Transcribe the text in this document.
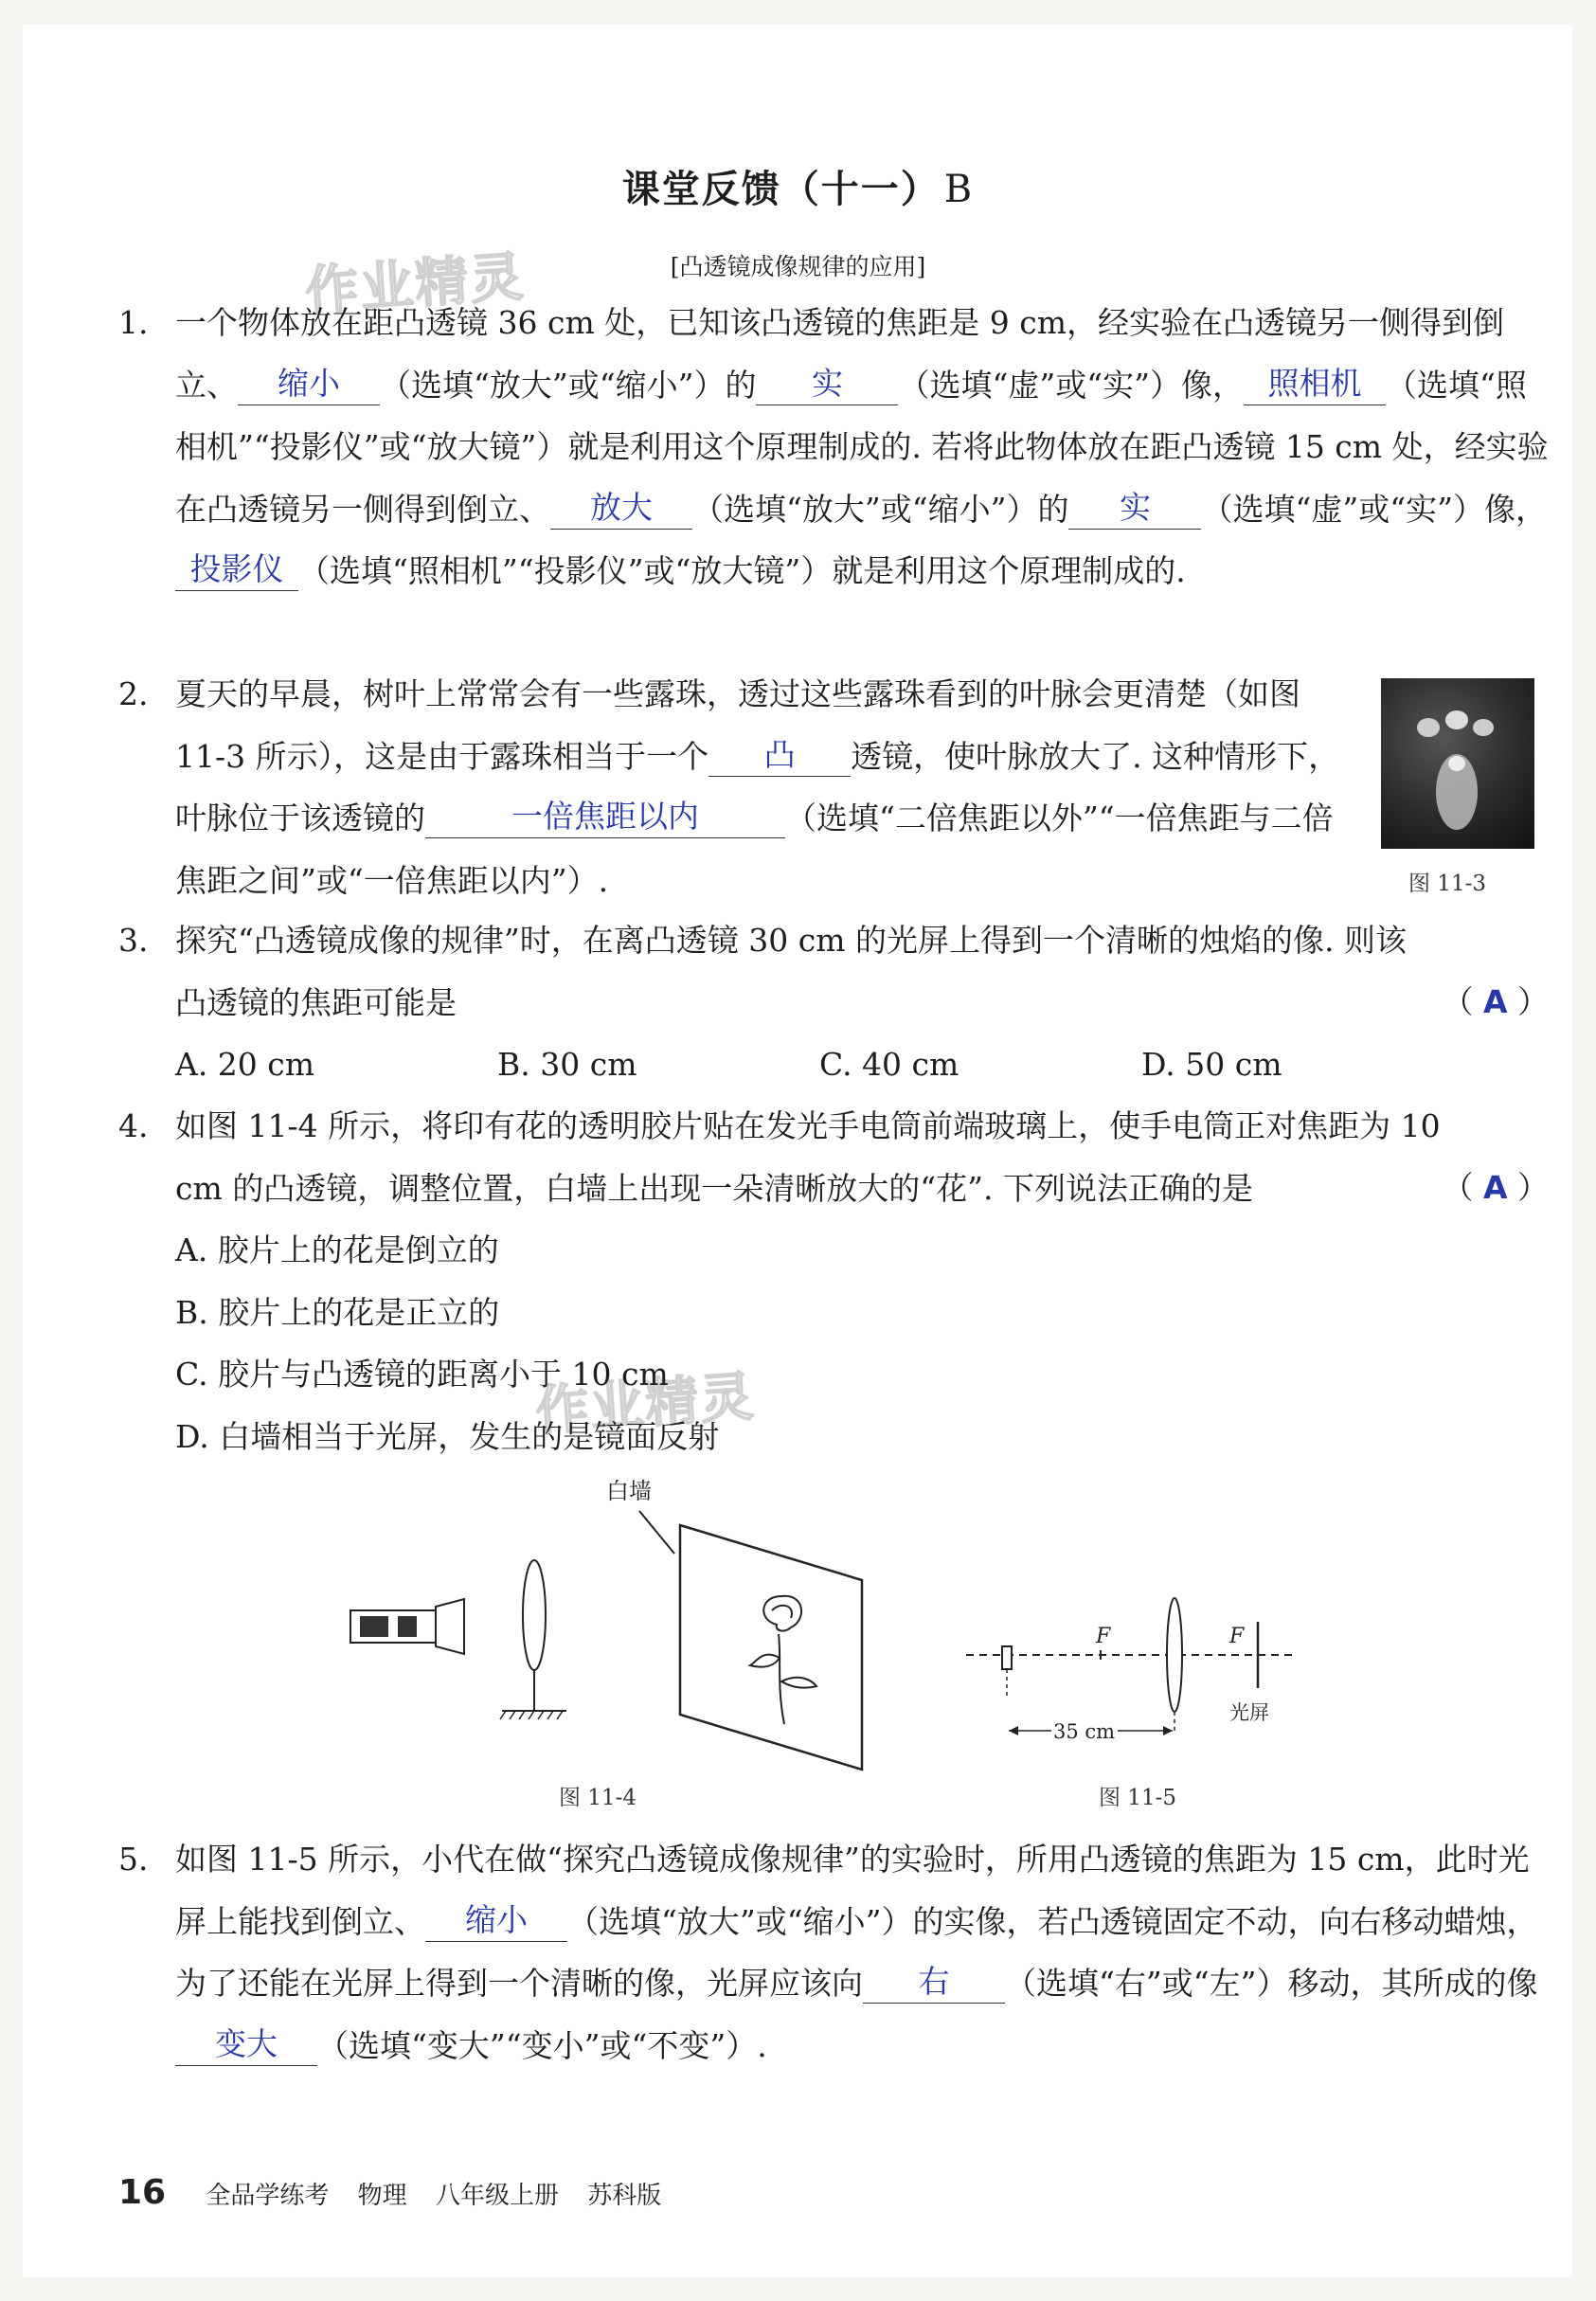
课堂反馈（十一） B
[凸透镜成像规律的应用]
作业精灵
作业精灵
1. 一个物体放在距凸透镜 36 cm 处，已知该凸透镜的焦距是 9 cm，经实验在凸透镜另一侧得到倒立、 缩小 （选填“放大”或“缩小”）的 实 （选填“虚”或“实”）像， 照相机 （选填“照相机”“投影仪”或“放大镜”）就是利用这个原理制成的. 若将此物体放在距凸透镜 15 cm 处，经实验在凸透镜另一侧得到倒立、 放大 （选填“放大”或“缩小”）的 实 （选填“虚”或“实”）像，投影仪 （选填“照相机”“投影仪”或“放大镜”）就是利用这个原理制成的.
2. 夏天的早晨，树叶上常常会有一些露珠，透过这些露珠看到的叶脉会更清楚（如图 11-3 所示），这是由于露珠相当于一个 凸 透镜，使叶脉放大了. 这种情形下，叶脉位于该透镜的	一倍焦距以内	（选填“二倍焦距以外”“一倍焦距与二倍焦距之间”或“一倍焦距以内”）.	图 11-3
3. 探究“凸透镜成像的规律”时，在离凸透镜 30 cm 的光屏上得到一个清晰的烛焰的像. 则该凸透镜的焦距可能是	（ A ）
A. 20 cm	B. 30 cm	C. 40 cm	D. 50 cm
4. 如图 11-4 所示，将印有花的透明胶片贴在发光手电筒前端玻璃上，使手电筒正对焦距为 10 cm 的凸透镜，调整位置，白墙上出现一朵清晰放大的“花”. 下列说法正确的是	（ A ）
A. 胶片上的花是倒立的
B. 胶片上的花是正立的
C. 胶片与凸透镜的距离小于 10 cm
D. 白墙相当于光屏，发生的是镜面反射
白墙
图 11-4
F	F
光屏
35 cm
图 11-5
5. 如图 11-5 所示，小代在做“探究凸透镜成像规律”的实验时，所用凸透镜的焦距为 15 cm，此时光屏上能找到倒立、 缩小 （选填“放大”或“缩小”）的实像，若凸透镜固定不动，向右移动蜡烛，为了还能在光屏上得到一个清晰的像，光屏应该向 右 （选填“右”或“左”）移动，其所成的像变大 （选填“变大”“变小”或“不变”）.
16 全品学练考 物理 八年级上册 苏科版
